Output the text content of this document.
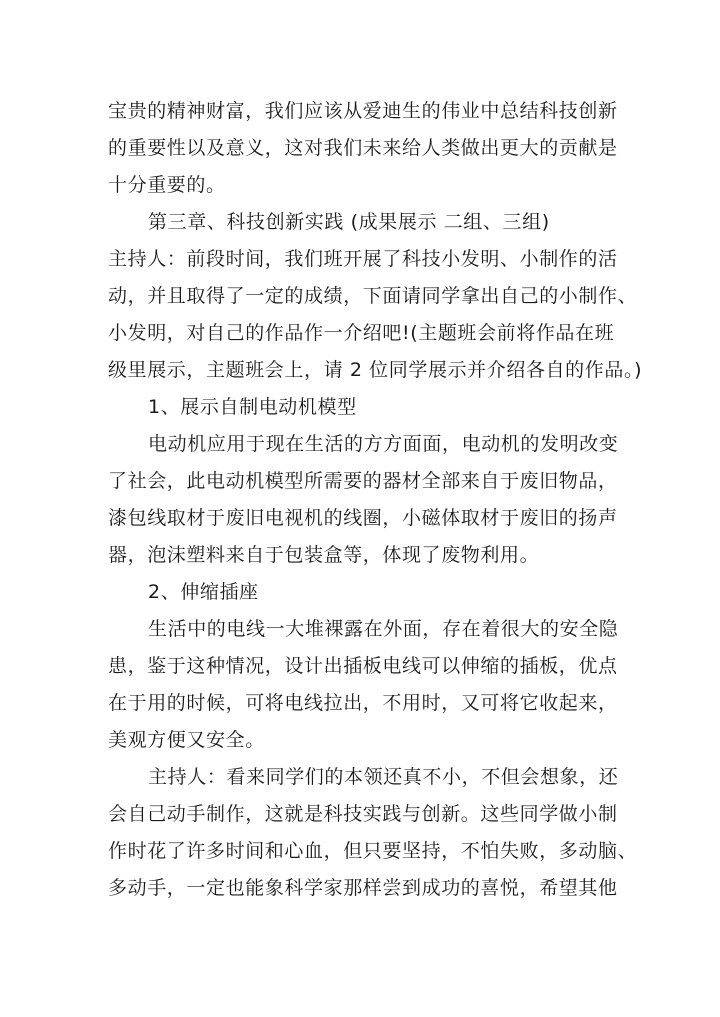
宝贵的精神财富，我们应该从爱迪生的伟业中总结科技创新
的重要性以及意义，这对我们未来给人类做出更大的贡献是
十分重要的。
第三章、科技创新实践 (成果展示 二组、三组)
主持人：前段时间，我们班开展了科技小发明、小制作的活
动，并且取得了一定的成绩，下面请同学拿出自己的小制作、
小发明，对自己的作品作一介绍吧!(主题班会前将作品在班
级里展示，主题班会上，请 2 位同学展示并介绍各自的作品。)
1、展示自制电动机模型
电动机应用于现在生活的方方面面，电动机的发明改变
了社会，此电动机模型所需要的器材全部来自于废旧物品，
漆包线取材于废旧电视机的线圈，小磁体取材于废旧的扬声
器，泡沫塑料来自于包装盒等，体现了废物利用。
2、伸缩插座
生活中的电线一大堆裸露在外面，存在着很大的安全隐
患，鉴于这种情况，设计出插板电线可以伸缩的插板，优点
在于用的时候，可将电线拉出，不用时，又可将它收起来，
美观方便又安全。
主持人：看来同学们的本领还真不小，不但会想象，还
会自己动手制作，这就是科技实践与创新。这些同学做小制
作时花了许多时间和心血，但只要坚持，不怕失败，多动脑、
多动手，一定也能象科学家那样尝到成功的喜悦，希望其他
